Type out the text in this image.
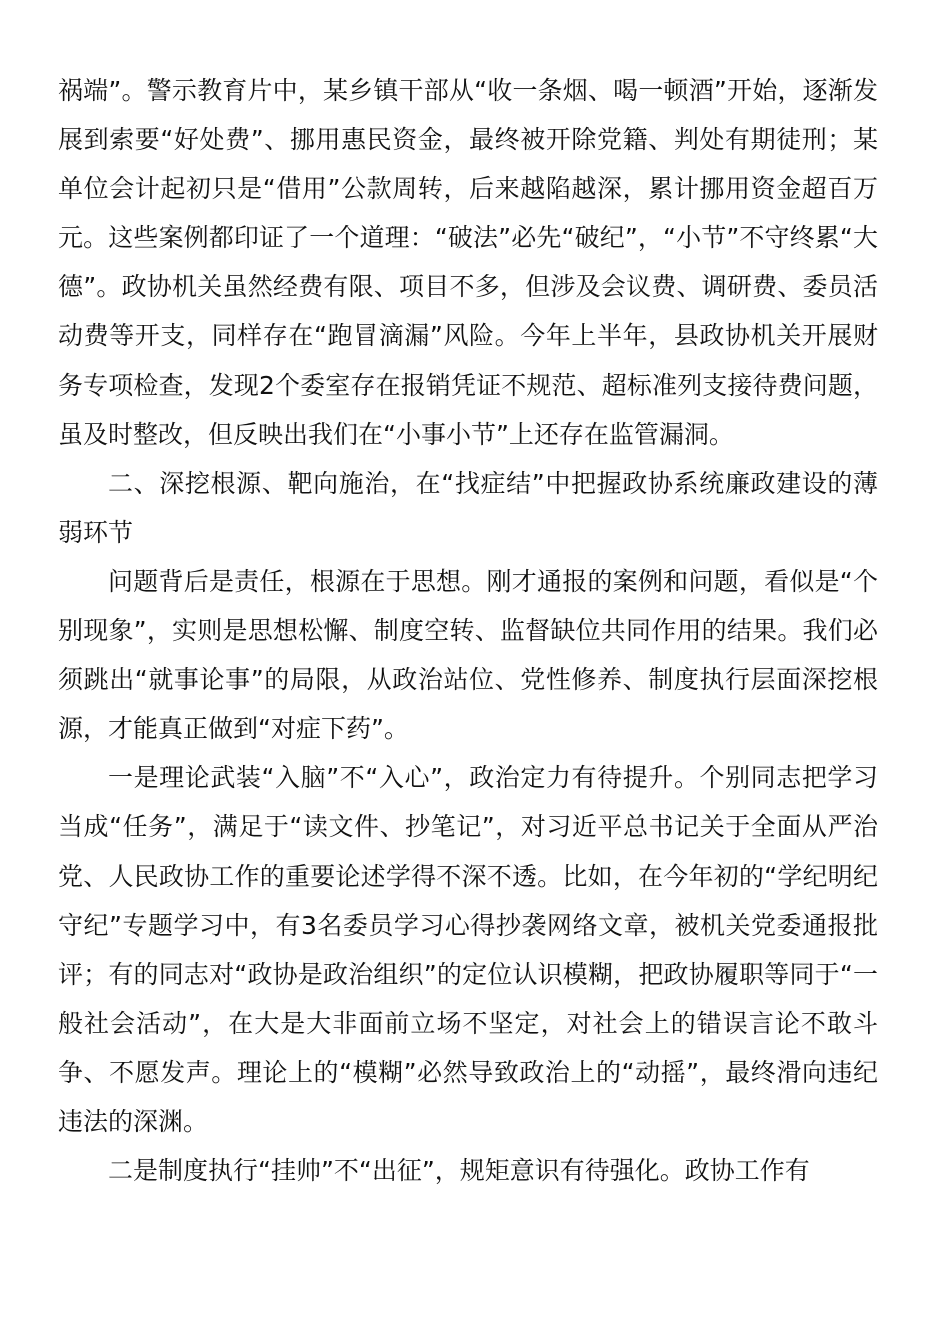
祸端”。警示教育片中，某乡镇干部从“收一条烟、喝一顿酒”开始，逐渐发展到索要“好处费”、挪用惠民资金，最终被开除党籍、判处有期徒刑；某单位会计起初只是“借用”公款周转，后来越陷越深，累计挪用资金超百万元。这些案例都印证了一个道理：“破法”必先“破纪”，“小节”不守终累“大德”。政协机关虽然经费有限、项目不多，但涉及会议费、调研费、委员活动费等开支，同样存在“跑冒滴漏”风险。今年上半年，县政协机关开展财务专项检查，发现2个委室存在报销凭证不规范、超标准列支接待费问题，虽及时整改，但反映出我们在“小事小节”上还存在监管漏洞。

二、深挖根源、靶向施治，在“找症结”中把握政协系统廉政建设的薄弱环节

问题背后是责任，根源在于思想。刚才通报的案例和问题，看似是“个别现象”，实则是思想松懈、制度空转、监督缺位共同作用的结果。我们必须跳出“就事论事”的局限，从政治站位、党性修养、制度执行层面深挖根源，才能真正做到“对症下药”。

一是理论武装“入脑”不“入心”，政治定力有待提升。个别同志把学习当成“任务”，满足于“读文件、抄笔记”，对习近平总书记关于全面从严治党、人民政协工作的重要论述学得不深不透。比如，在今年初的“学纪明纪守纪”专题学习中，有3名委员学习心得抄袭网络文章，被机关党委通报批评；有的同志对“政协是政治组织”的定位认识模糊，把政协履职等同于“一般社会活动”，在大是大非面前立场不坚定，对社会上的错误言论不敢斗争、不愿发声。理论上的“模糊”必然导致政治上的“动摇”，最终滑向违纪违法的深渊。

二是制度执行“挂帅”不“出征”，规矩意识有待强化。政协工作有
